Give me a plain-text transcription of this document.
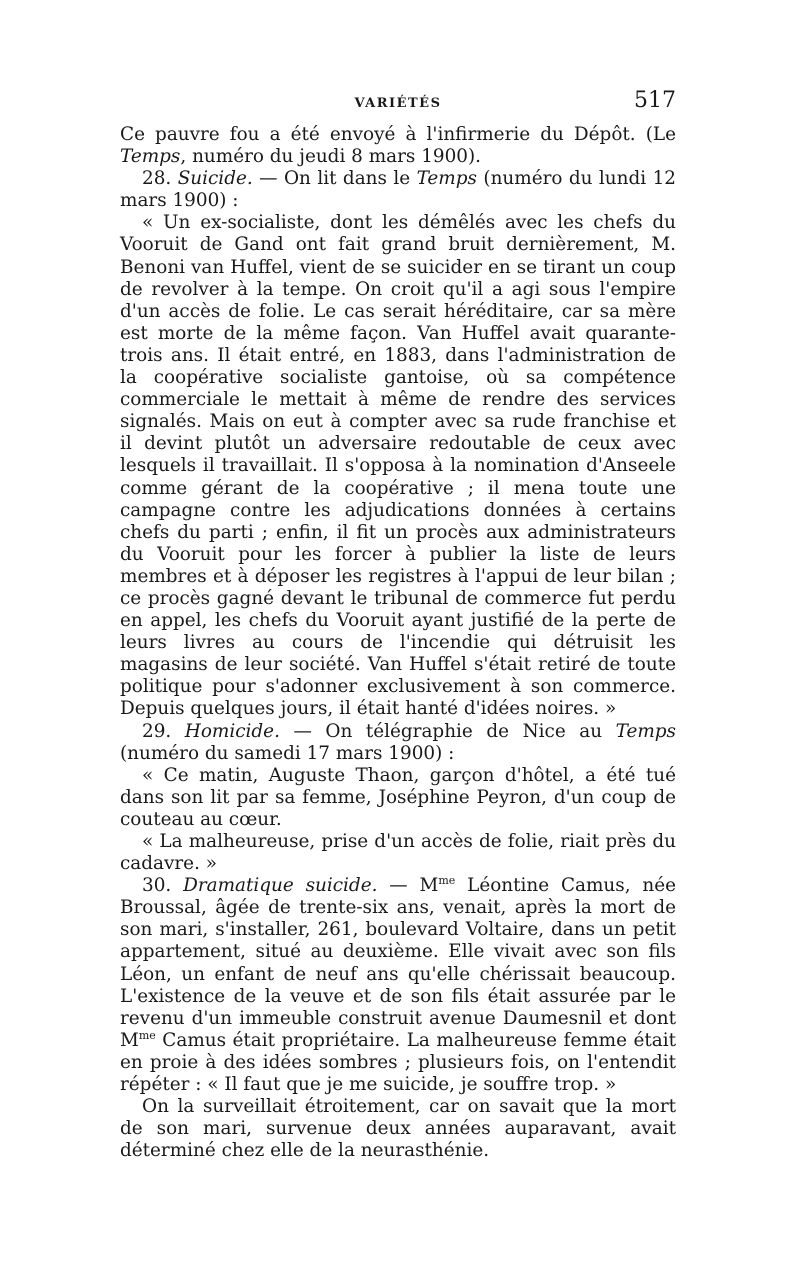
VARIÉTÉS	517

Ce pauvre fou a été envoyé à l'infirmerie du Dépôt. (Le Temps, numéro du jeudi 8 mars 1900).

28. Suicide. — On lit dans le Temps (numéro du lundi 12 mars 1900) :

« Un ex-socialiste, dont les démêlés avec les chefs du Vooruit de Gand ont fait grand bruit dernièrement, M. Benoni van Huffel, vient de se suicider en se tirant un coup de revolver à la tempe. On croit qu'il a agi sous l'empire d'un accès de folie. Le cas serait héréditaire, car sa mère est morte de la même façon. Van Huffel avait quarante-trois ans. Il était entré, en 1883, dans l'administration de la coopérative socialiste gantoise, où sa compétence commerciale le mettait à même de rendre des services signalés. Mais on eut à compter avec sa rude franchise et il devint plutôt un adversaire redoutable de ceux avec lesquels il travaillait. Il s'opposa à la nomination d'Anseele comme gérant de la coopérative ; il mena toute une campagne contre les adjudications données à certains chefs du parti ; enfin, il fit un procès aux administrateurs du Vooruit pour les forcer à publier la liste de leurs membres et à déposer les registres à l'appui de leur bilan ; ce procès gagné devant le tribunal de commerce fut perdu en appel, les chefs du Vooruit ayant justifié de la perte de leurs livres au cours de l'incendie qui détruisit les magasins de leur société. Van Huffel s'était retiré de toute politique pour s'adonner exclusivement à son commerce. Depuis quelques jours, il était hanté d'idées noires. »

29. Homicide. — On télégraphie de Nice au Temps (numéro du samedi 17 mars 1900) :

« Ce matin, Auguste Thaon, garçon d'hôtel, a été tué dans son lit par sa femme, Joséphine Peyron, d'un coup de couteau au cœur.

« La malheureuse, prise d'un accès de folie, riait près du cadavre. »

30. Dramatique suicide. — $M^{me}$ Léontine Camus, née Broussal, âgée de trente-six ans, venait, après la mort de son mari, s'installer, 261, boulevard Voltaire, dans un petit appartement, situé au deuxième. Elle vivait avec son fils Léon, un enfant de neuf ans qu'elle chérissait beaucoup. L'existence de la veuve et de son fils était assurée par le revenu d'un immeuble construit avenue Daumesnil et dont $M^{me}$ Camus était propriétaire. La malheureuse femme était en proie à des idées sombres ; plusieurs fois, on l'entendit répéter : « Il faut que je me suicide, je souffre trop. »

On la surveillait étroitement, car on savait que la mort de son mari, survenue deux années auparavant, avait déterminé chez elle de la neurasthénie.
